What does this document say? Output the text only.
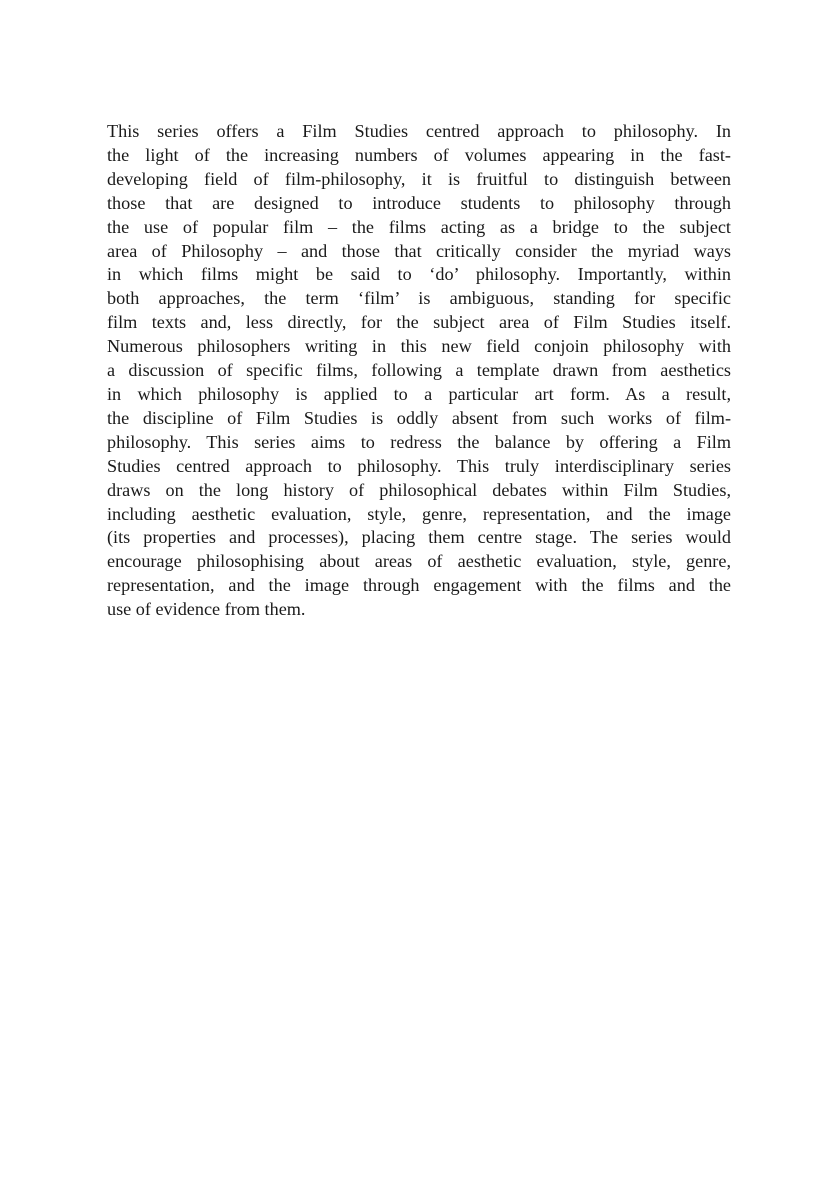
This series offers a Film Studies centred approach to philosophy. In
the light of the increasing numbers of volumes appearing in the fast-
developing field of film-philosophy, it is fruitful to distinguish between
those that are designed to introduce students to philosophy through
the use of popular film – the films acting as a bridge to the subject
area of Philosophy – and those that critically consider the myriad ways
in which films might be said to ‘do’ philosophy. Importantly, within
both approaches, the term ‘film’ is ambiguous, standing for specific
film texts and, less directly, for the subject area of Film Studies itself.
Numerous philosophers writing in this new field conjoin philosophy with
a discussion of specific films, following a template drawn from aesthetics
in which philosophy is applied to a particular art form. As a result,
the discipline of Film Studies is oddly absent from such works of film-
philosophy. This series aims to redress the balance by offering a Film
Studies centred approach to philosophy. This truly interdisciplinary series
draws on the long history of philosophical debates within Film Studies,
including aesthetic evaluation, style, genre, representation, and the image
(its properties and processes), placing them centre stage. The series would
encourage philosophising about areas of aesthetic evaluation, style, genre,
representation, and the image through engagement with the films and the
use of evidence from them.
